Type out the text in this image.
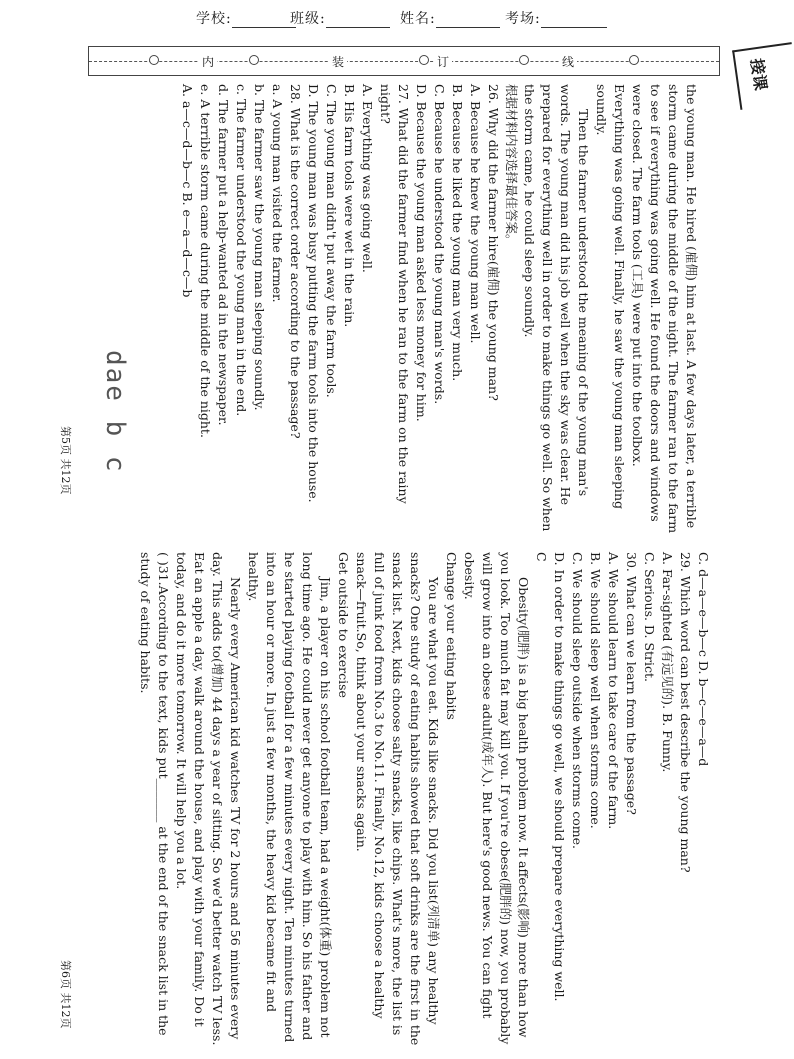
学校:	班级:	姓名:	考场:
内	装	订	线	接课

the young man. He hired (雇佣) him at last. A few days later, a terrible storm came during the middle of the night. The farmer ran to the farm to see if everything was going well. He found the doors and windows were closed. The farm tools (工具) were put into the toolbox. Everything was going well. Finally, he saw the young man sleeping soundly.

Then the farmer understood the meaning of the young man's words. The young man did his job well when the sky was clear. He prepared for everything well in order to make things go well. So when the storm came, he could sleep soundly.

根据材料内容选择最佳答案。

26. Why did the farmer hire(雇佣) the young man?

A. Because he knew the young man well.

B. Because he liked the young man very much.

C. Because he understood the young man's words.

D. Because the young man asked less money for him.

27. What did the farmer find when he ran to the farm on the rainy night?

A. Everything was going well.

B. His farm tools were wet in the rain.

C. The young man didn't put away the farm tools.

D. The young man was busy putting the farm tools into the house.

28. What is the correct order according to the passage?

a. A young man visited the farmer.

b. The farmer saw the young man sleeping soundly.

c. The farmer understood the young man in the end.

d. The farmer put a help-wanted ad in the newspaper.

e. A terrible storm came during the middle of the night.

A. a—c—d—b—c B. e—a—d—c—b

dae b c
第5页 共12页

C. d—a—e—b—c D. b—c—e—a—d

29. Which word can best describe the young man?

A. Far-sighted (有远见的). B. Funny.

C. Serious. D. Strict.

30. What can we learn from the passage?

A. We should learn to take care of the farm.

B. We should sleep well when storms come.

C. We should sleep outside when storms come.

D. In order to make things go well, we should prepare everything well.

C

Obesity(肥胖) is a big health problem now. It affects(影响) more than how you look. Too much fat may kill you. If you're obese(肥胖的) now, you probably will grow into an obese adult(成年人). But here's good news. You can fight obesity.

Change your eating habits

You are what you eat. Kids like snacks. Did you list(列清单) any healthy snacks? One study of eating habits showed that soft drinks are the first in the snack list. Next, kids choose salty snacks, like chips. What's more, the list is full of junk food from No.3 to No.11. Finally, No.12, kids choose a healthy snack—fruit.So, think about your snacks again.

Get outside to exercise

Jim, a player on his school football team, had a weight(体重) problem not long time ago. He could never get anyone to play with him. So his father and he started playing football for a few minutes every night. Ten minutes turned into an hour or more. In just a few months, the heavy kid became fit and healthy.

Nearly every American kid watches TV for 2 hours and 56 minutes every day. This adds to(增加) 44 days a year of sitting. So we'd better watch TV less. Eat an apple a day, walk around the house, and play with your family. Do it today, and do it more tomorrow. It will help you a lot.

( )31.According to the text, kids put_______ at the end of the snack list in the study of eating habits.

第6页 共12页
